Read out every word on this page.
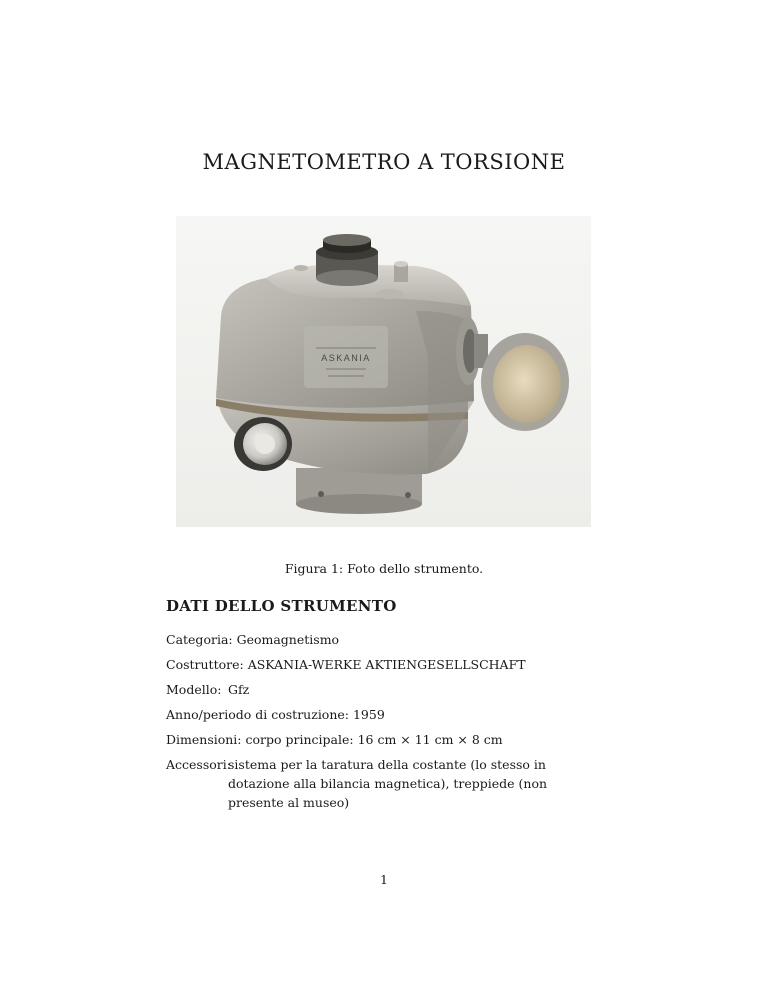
MAGNETOMETRO A TORSIONE
ASKANIA
Figura 1: Foto dello strumento.
DATI DELLO STRUMENTO
Categoria: Geomagnetismo
Costruttore: ASKANIA-WERKE AKTIENGESELLSCHAFT
Modello: Gfz
Anno/periodo di costruzione: 1959
Dimensioni: corpo principale: 16 cm × 11 cm × 8 cm
Accessori:
sistema per la taratura della costante (lo stesso in dotazione alla bilancia magnetica), treppiede (non presente al museo)
1
